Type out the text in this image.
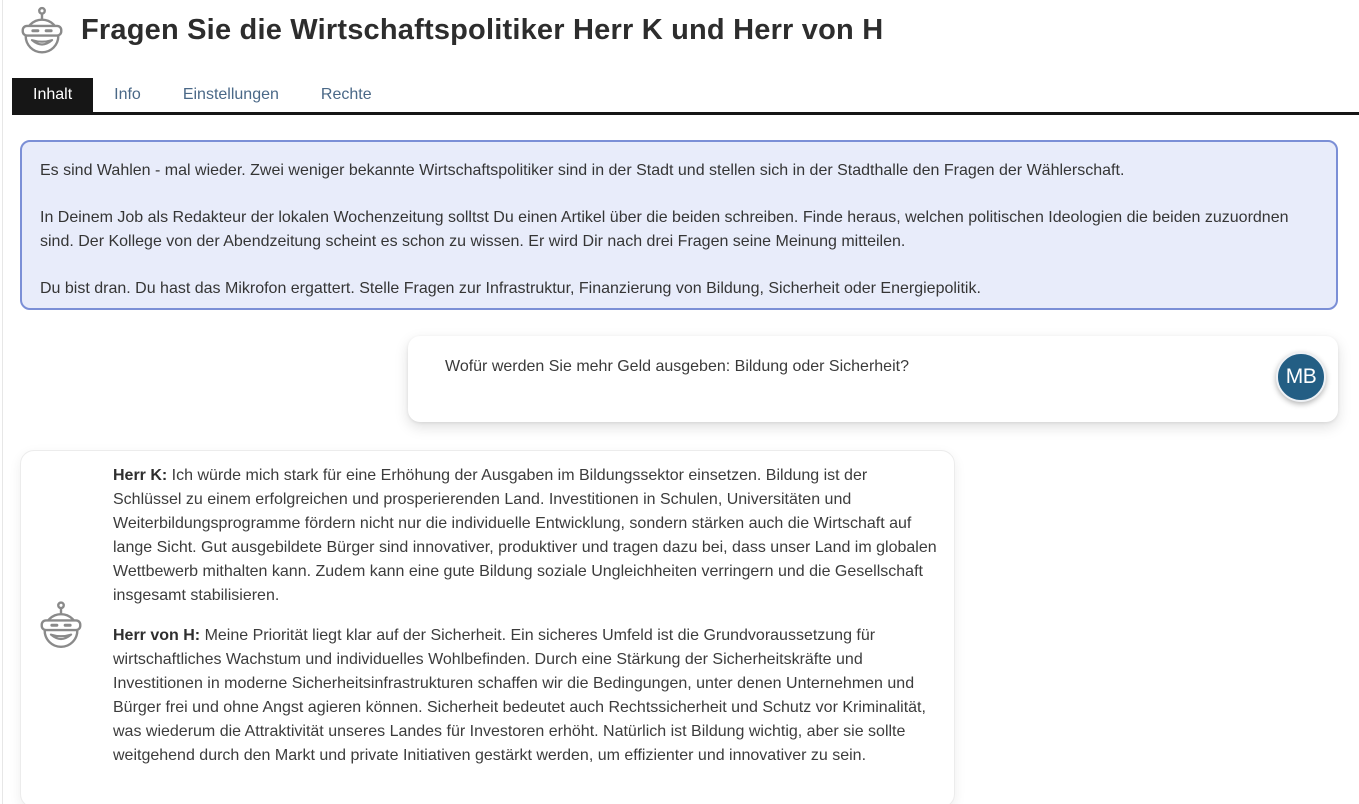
Fragen Sie die Wirtschaftspolitiker Herr K und Herr von H
Inhalt	Info	Einstellungen	Rechte

Es sind Wahlen - mal wieder. Zwei weniger bekannte Wirtschaftspolitiker sind in der Stadt und stellen sich in der Stadthalle den Fragen der Wählerschaft.

In Deinem Job als Redakteur der lokalen Wochenzeitung solltst Du einen Artikel über die beiden schreiben. Finde heraus, welchen politischen Ideologien die beiden zuzuordnen sind. Der Kollege von der Abendzeitung scheint es schon zu wissen. Er wird Dir nach drei Fragen seine Meinung mitteilen.

Du bist dran. Du hast das Mikrofon ergattert. Stelle Fragen zur Infrastruktur, Finanzierung von Bildung, Sicherheit oder Energiepolitik.

Wofür werden Sie mehr Geld ausgeben: Bildung oder Sicherheit?	MB

Herr K: Ich würde mich stark für eine Erhöhung der Ausgaben im Bildungssektor einsetzen. Bildung ist der Schlüssel zu einem erfolgreichen und prosperierenden Land. Investitionen in Schulen, Universitäten und Weiterbildungsprogramme fördern nicht nur die individuelle Entwicklung, sondern stärken auch die Wirtschaft auf lange Sicht. Gut ausgebildete Bürger sind innovativer, produktiver und tragen dazu bei, dass unser Land im globalen Wettbewerb mithalten kann. Zudem kann eine gute Bildung soziale Ungleichheiten verringern und die Gesellschaft insgesamt stabilisieren.

Herr von H: Meine Priorität liegt klar auf der Sicherheit. Ein sicheres Umfeld ist die Grundvoraussetzung für wirtschaftliches Wachstum und individuelles Wohlbefinden. Durch eine Stärkung der Sicherheitskräfte und Investitionen in moderne Sicherheitsinfrastrukturen schaffen wir die Bedingungen, unter denen Unternehmen und Bürger frei und ohne Angst agieren können. Sicherheit bedeutet auch Rechtssicherheit und Schutz vor Kriminalität, was wiederum die Attraktivität unseres Landes für Investoren erhöht. Natürlich ist Bildung wichtig, aber sie sollte weitgehend durch den Markt und private Initiativen gestärkt werden, um effizienter und innovativer zu sein.
